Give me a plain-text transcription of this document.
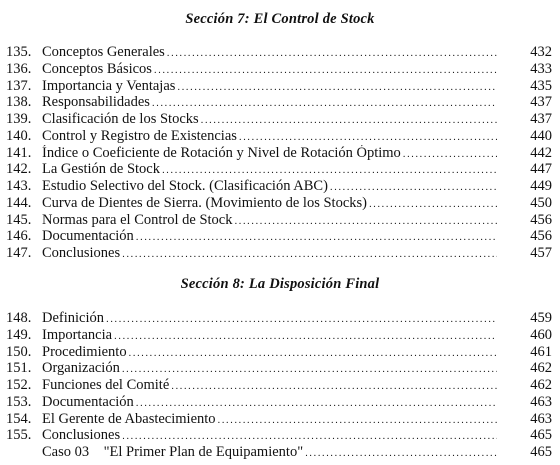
Sección 7: El Control de Stock
135. Conceptos Generales . . .	432
136. Conceptos Básicos . . .	433
137. Importancia y Ventajas . . .	435
138. Responsabilidades . . .	437
139. Clasificación de los Stocks . . .	437
140. Control y Registro de Existencias . . .	440
141. Índice o Coeficiente de Rotación y Nivel de Rotación Óptimo . . .	442
142. La Gestión de Stock . . .	447
143. Estudio Selectivo del Stock. (Clasificación ABC) . . .	449
144. Curva de Dientes de Sierra. (Movimiento de los Stocks) . . .	450
145. Normas para el Control de Stock . . .	456
146. Documentación . . .	456
147. Conclusiones . . .	457
Sección 8: La Disposición Final
148. Definición . . .	459
149. Importancia . . .	460
150. Procedimiento . . .	461
151. Organización . . .	462
152. Funciones del Comité . . .	462
153. Documentación . . .	463
154. El Gerente de Abastecimiento . . .	463
155. Conclusiones . . .	465
Caso 03    "El Primer Plan de Equipamiento" . . .	465
